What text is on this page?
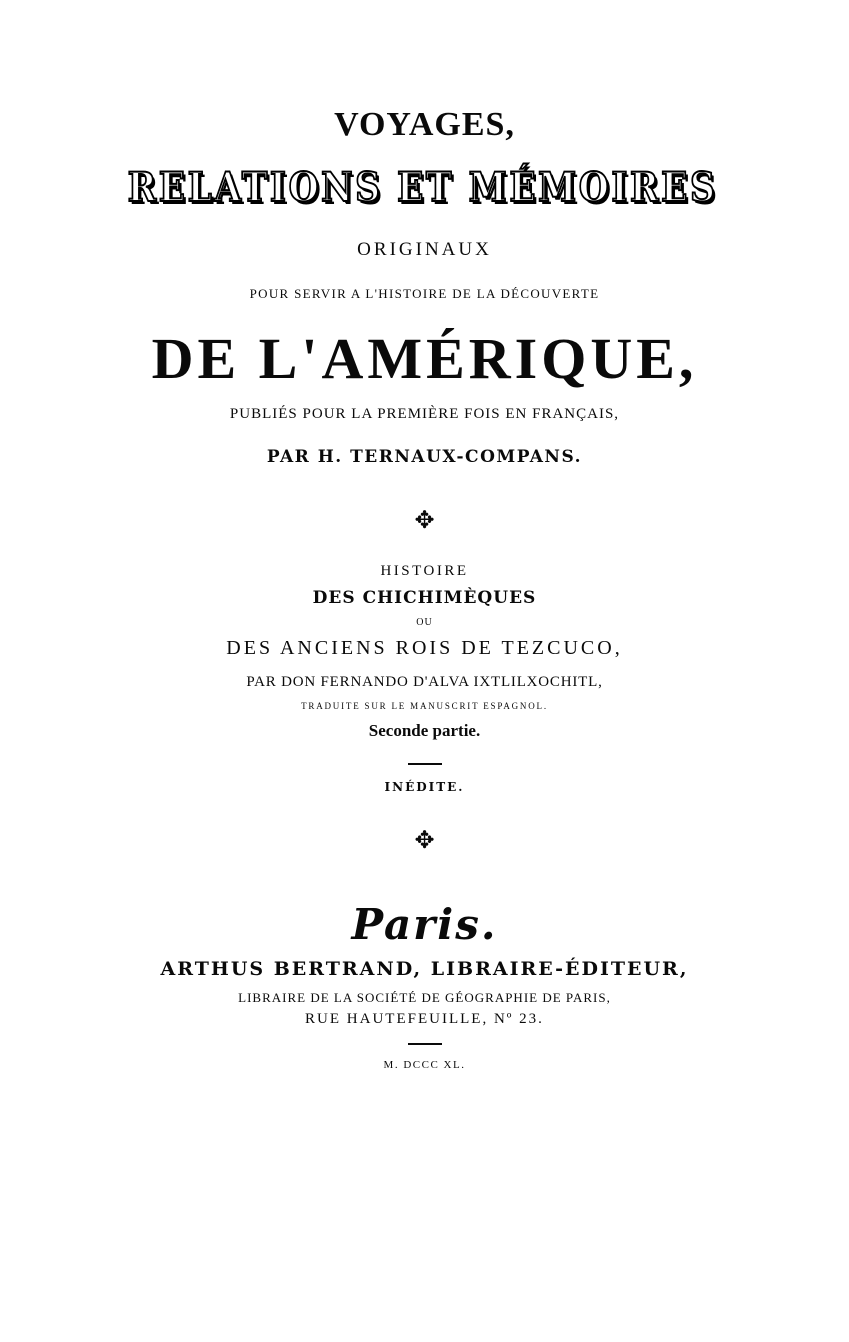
VOYAGES,
RELATIONS ET MÉMOIRES
ORIGINAUX
POUR SERVIR A L'HISTOIRE DE LA DÉCOUVERTE
DE L'AMÉRIQUE,
PUBLIÉS POUR LA PREMIÈRE FOIS EN FRANÇAIS,
PAR H. TERNAUX-COMPANS.
✥
HISTOIRE
DES CHICHIMÈQUES
OU
DES ANCIENS ROIS DE TEZCUCO,
PAR DON FERNANDO D'ALVA IXTLILXOCHITL,
TRADUITE SUR LE MANUSCRIT ESPAGNOL.
Seconde partie.
INÉDITE.
✥
Paris.
ARTHUS BERTRAND, LIBRAIRE-ÉDITEUR,
LIBRAIRE DE LA SOCIÉTÉ DE GÉOGRAPHIE DE PARIS,
RUE HAUTEFEUILLE, Nº 23.
M. DCCC XL.
